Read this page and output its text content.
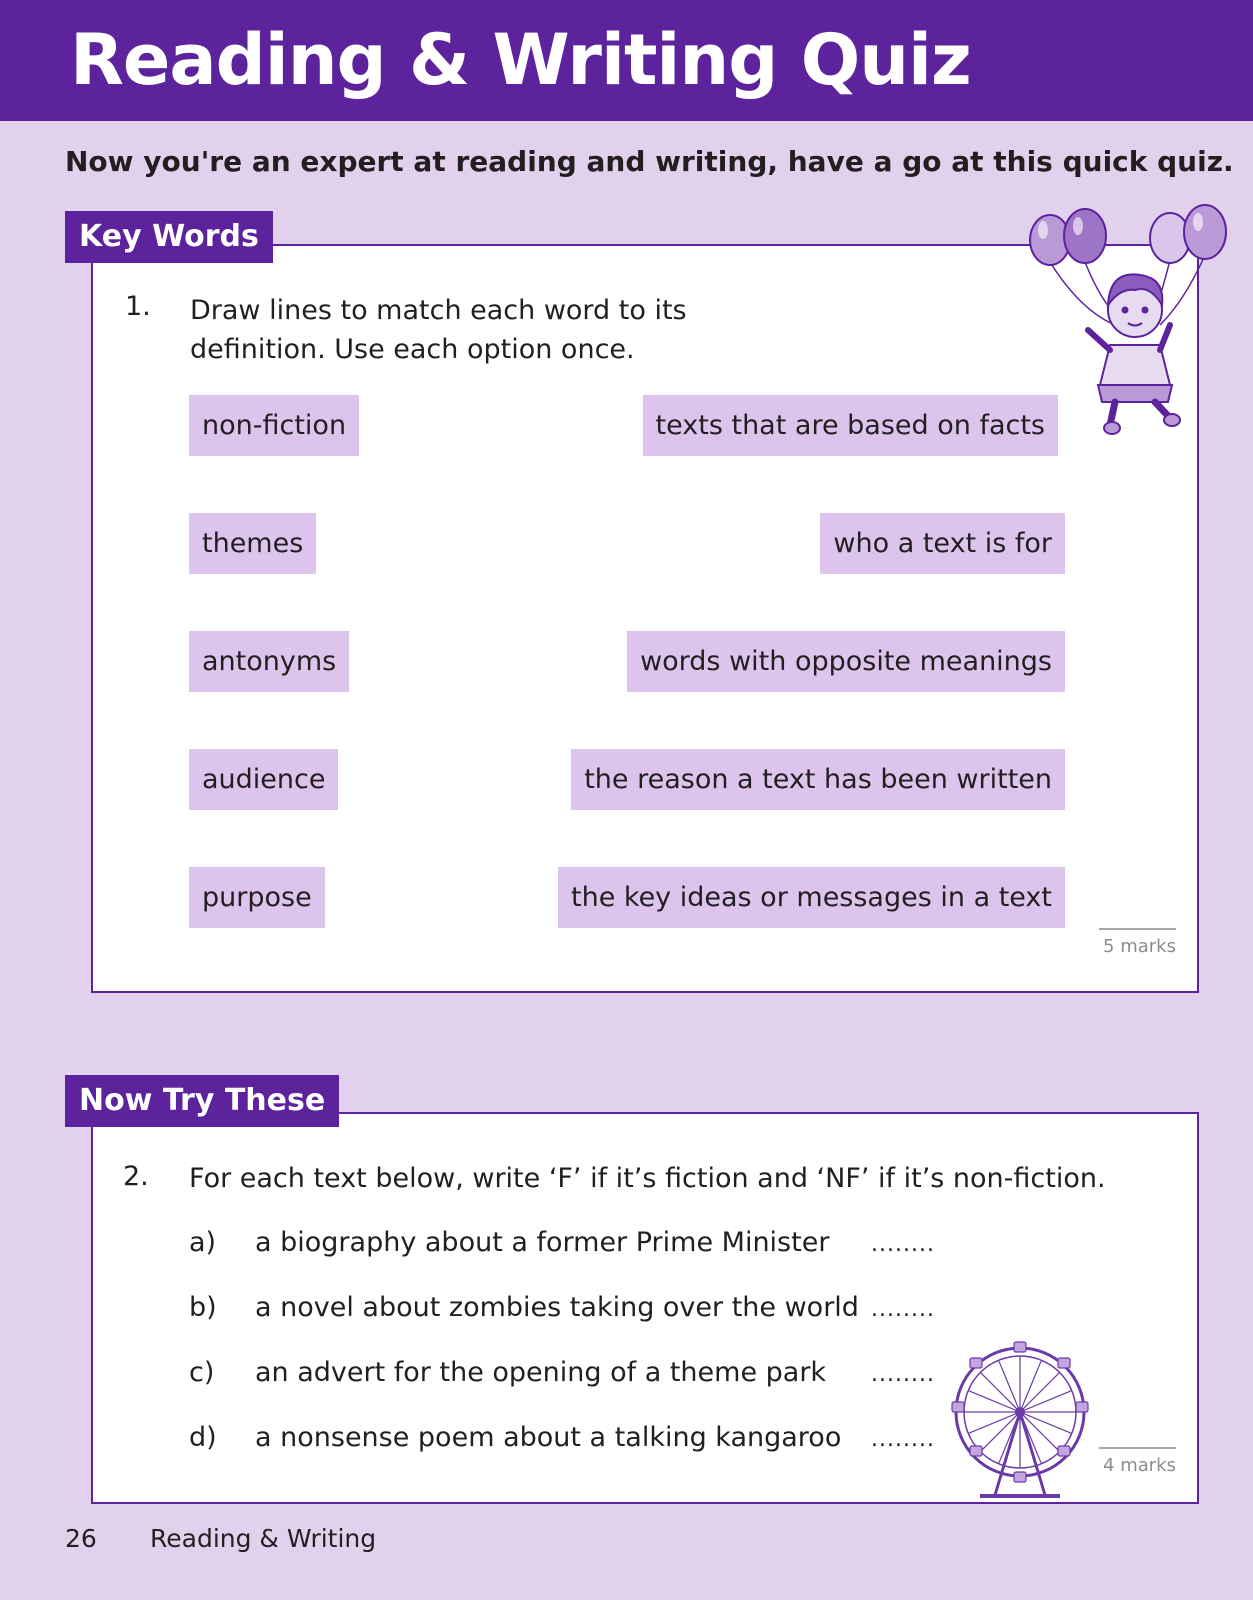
Reading & Writing Quiz
Now you're an expert at reading and writing, have a go at this quick quiz.
Key Words
1. Draw lines to match each word to its
definition. Use each option once.
non-fiction
themes
antonyms
audience
purpose
texts that are based on facts
who a text is for
words with opposite meanings
the reason a text has been written
the key ideas or messages in a text
5 marks
Now Try These
2. For each text below, write ‘F’ if it’s fiction and ‘NF’ if it’s non-fiction.
a) a biography about a former Prime Minister ........
b) a novel about zombies taking over the world ........
c) an advert for the opening of a theme park ........
d) a nonsense poem about a talking kangaroo ........
4 marks
26 Reading & Writing
